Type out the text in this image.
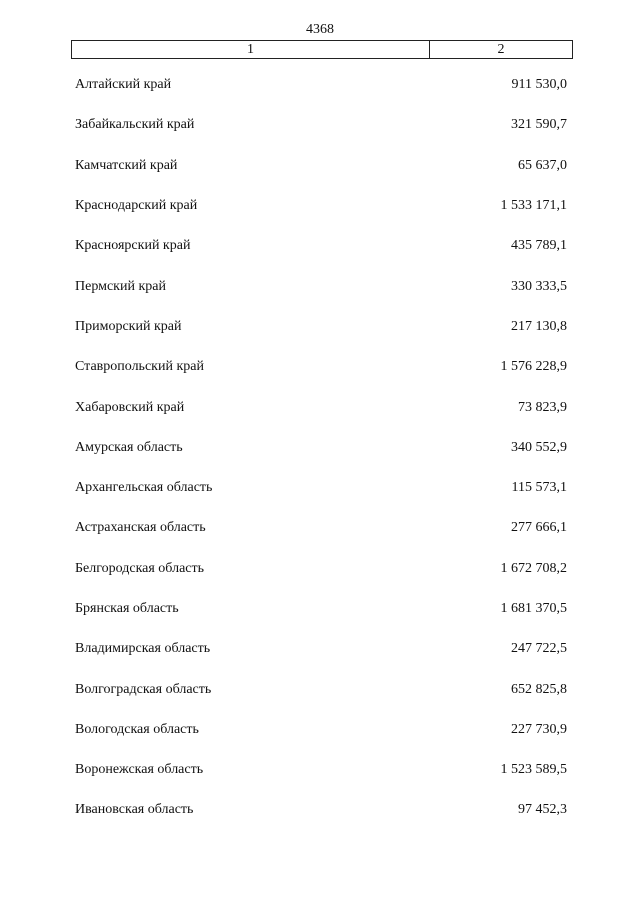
4368
1	2
Алтайский край	911 530,0
Забайкальский край	321 590,7
Камчатский край	65 637,0
Краснодарский край	1 533 171,1
Красноярский край	435 789,1
Пермский край	330 333,5
Приморский край	217 130,8
Ставропольский край	1 576 228,9
Хабаровский край	73 823,9
Амурская область	340 552,9
Архангельская область	115 573,1
Астраханская область	277 666,1
Белгородская область	1 672 708,2
Брянская область	1 681 370,5
Владимирская область	247 722,5
Волгоградская область	652 825,8
Вологодская область	227 730,9
Воронежская область	1 523 589,5
Ивановская область	97 452,3
